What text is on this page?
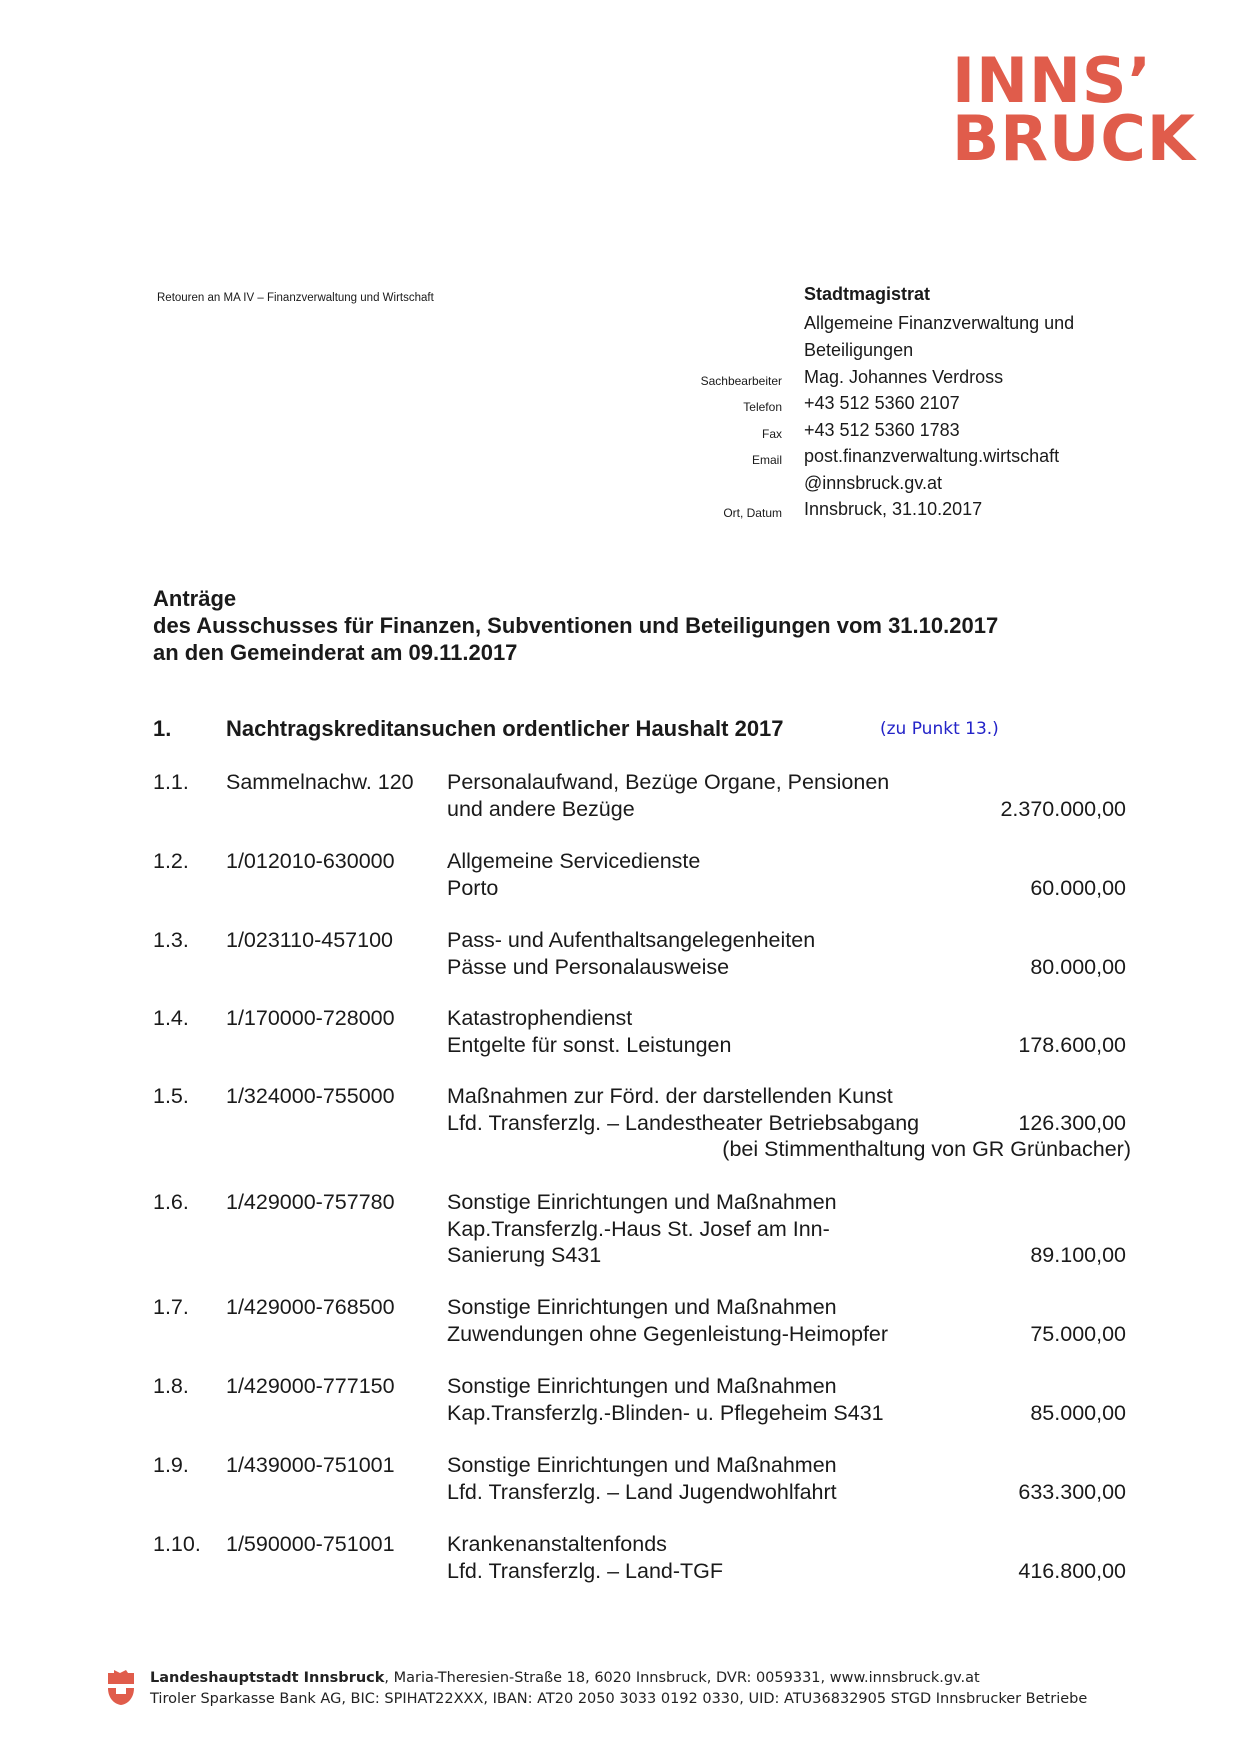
INNS’
BRUCK
Retouren an MA IV – Finanzverwaltung und Wirtschaft	Stadtmagistrat
Allgemeine Finanzverwaltung und
Beteiligungen
Sachbearbeiter Mag. Johannes Verdross
Telefon +43 512 5360 2107
Fax +43 512 5360 1783
Email post.finanzverwaltung.wirtschaft
@innsbruck.gv.at
Ort, Datum Innsbruck, 31.10.2017
Anträge
des Ausschusses für Finanzen, Subventionen und Beteiligungen vom 31.10.2017
an den Gemeinderat am 09.11.2017
1. Nachtragskreditansuchen ordentlicher Haushalt 2017	(zu Punkt 13.)
1.1. Sammelnachw. 120 Personalaufwand, Bezüge Organe, Pensionen
und andere Bezüge	2.370.000,00
1.2. 1/012010-630000 Allgemeine Servicedienste
Porto	60.000,00
1.3. 1/023110-457100	Pass- und Aufenthaltsangelegenheiten
Pässe und Personalausweise	80.000,00
1.4. 1/170000-728000 Katastrophendienst
Entgelte für sonst. Leistungen	178.600,00
1.5. 1/324000-755000 Maßnahmen zur Förd. der darstellenden Kunst
Lfd. Transferzlg. – Landestheater Betriebsabgang	126.300,00
(bei Stimmenthaltung von GR Grünbacher)
1.6. 1/429000-757780 Sonstige Einrichtungen und Maßnahmen
Kap.Transferzlg.-Haus St. Josef am Inn-
Sanierung S431	89.100,00
1.7. 1/429000-768500 Sonstige Einrichtungen und Maßnahmen
Zuwendungen ohne Gegenleistung-Heimopfer	75.000,00
1.8. 1/429000-777150 Sonstige Einrichtungen und Maßnahmen
Kap.Transferzlg.-Blinden- u. Pflegeheim S431	85.000,00
1.9. 1/439000-751001 Sonstige Einrichtungen und Maßnahmen
Lfd. Transferzlg. – Land Jugendwohlfahrt	633.300,00
1.10. 1/590000-751001 Krankenanstaltenfonds
Lfd. Transferzlg. – Land-TGF	416.800,00
Landeshauptstadt Innsbruck, Maria-Theresien-Straße 18, 6020 Innsbruck, DVR: 0059331, www.innsbruck.gv.at
Tiroler Sparkasse Bank AG, BIC: SPIHAT22XXX, IBAN: AT20 2050 3033 0192 0330, UID: ATU36832905 STGD Innsbrucker Betriebe
